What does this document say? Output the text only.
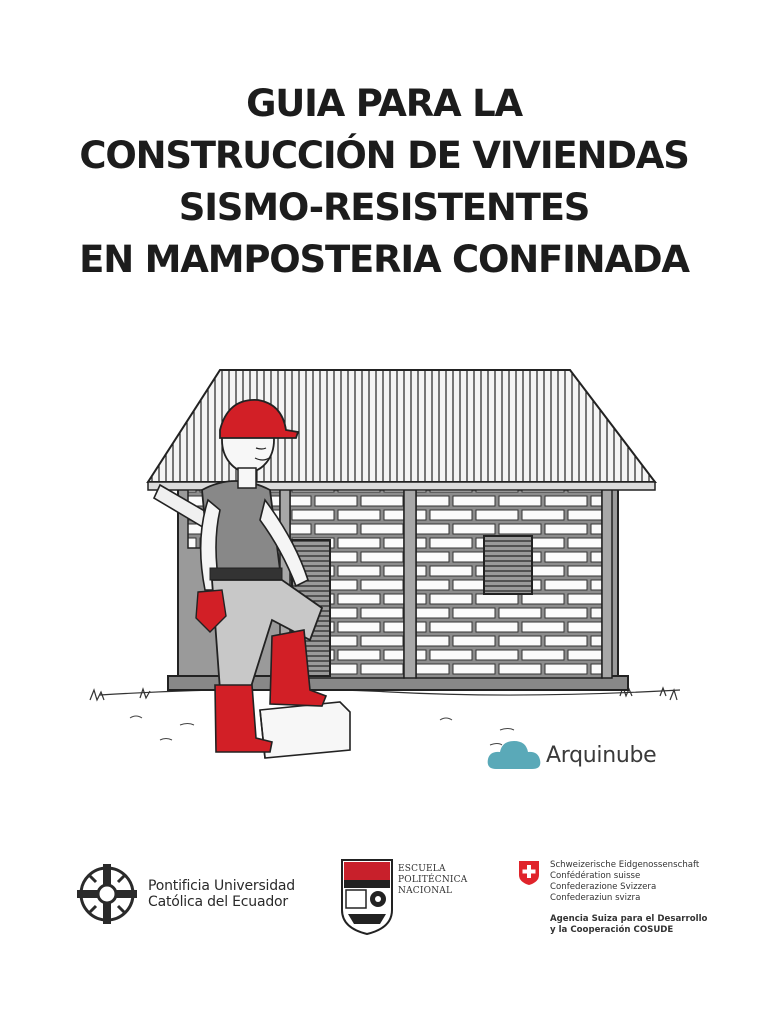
GUIA PARA LA
CONSTRUCCIÓN DE VIVIENDAS
SISMO-RESISTENTES
EN MAMPOSTERIA CONFINADA
Arquinube
Pontificia Universidad
Católica del Ecuador
ESCUELA
POLITÉCNICA
NACIONAL
Schweizerische Eidgenossenschaft
Confédération suisse
Confederazione Svizzera
Confederaziun svizra
Agencia Suiza para el Desarrollo
y la Cooperación COSUDE
